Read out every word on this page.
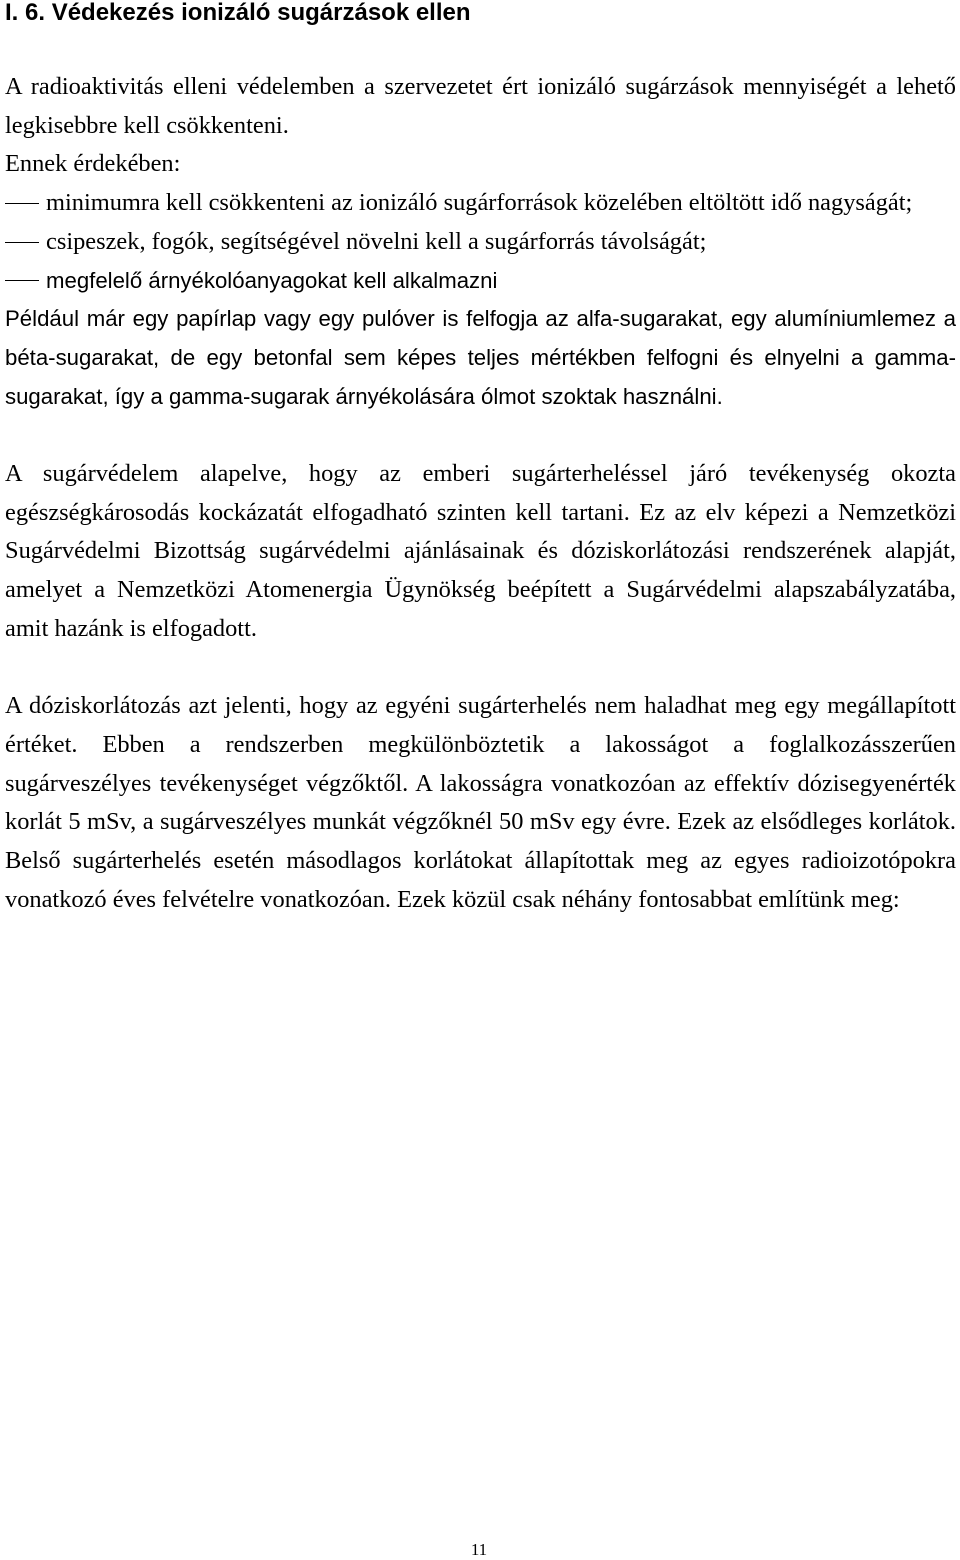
I. 6. Védekezés ionizáló sugárzások ellen

A radioaktivitás elleni védelemben a szervezetet ért ionizáló sugárzások mennyiségét a lehető legkisebbre kell csökkenteni.

Ennek érdekében:
minimumra kell csökkenteni az ionizáló sugárforrások közelében eltöltött idő nagyságát;
csipeszek, fogók, segítségével növelni kell a sugárforrás távolságát;
megfelelő árnyékolóanyagokat kell alkalmazni

Például már egy papírlap vagy egy pulóver is felfogja az alfa-sugarakat, egy alumíniumlemez a béta-sugarakat, de egy betonfal sem képes teljes mértékben felfogni és elnyelni a gamma-sugarakat, így a gamma-sugarak árnyékolására ólmot szoktak használni.

A sugárvédelem alapelve, hogy az emberi sugárterheléssel járó tevékenység okozta egészségkárosodás kockázatát elfogadható szinten kell tartani. Ez az elv képezi a Nemzetközi Sugárvédelmi Bizottság sugárvédelmi ajánlásainak és dóziskorlátozási rendszerének alapját, amelyet a Nemzetközi Atomenergia Ügynökség beépített a Sugárvédelmi alapszabályzatába, amit hazánk is elfogadott.

A dóziskorlátozás azt jelenti, hogy az egyéni sugárterhelés nem haladhat meg egy megállapított értéket. Ebben a rendszerben megkülönböztetik a lakosságot a foglalkozásszerűen sugárveszélyes tevékenységet végzőktől. A lakosságra vonatkozóan az effektív dózisegyenérték korlát 5 mSv, a sugárveszélyes munkát végzőknél 50 mSv egy évre. Ezek az elsődleges korlátok. Belső sugárterhelés esetén másodlagos korlátokat állapítottak meg az egyes radioizotópokra vonatkozó éves felvételre vonatkozóan. Ezek közül csak néhány fontosabbat említünk meg:

11
